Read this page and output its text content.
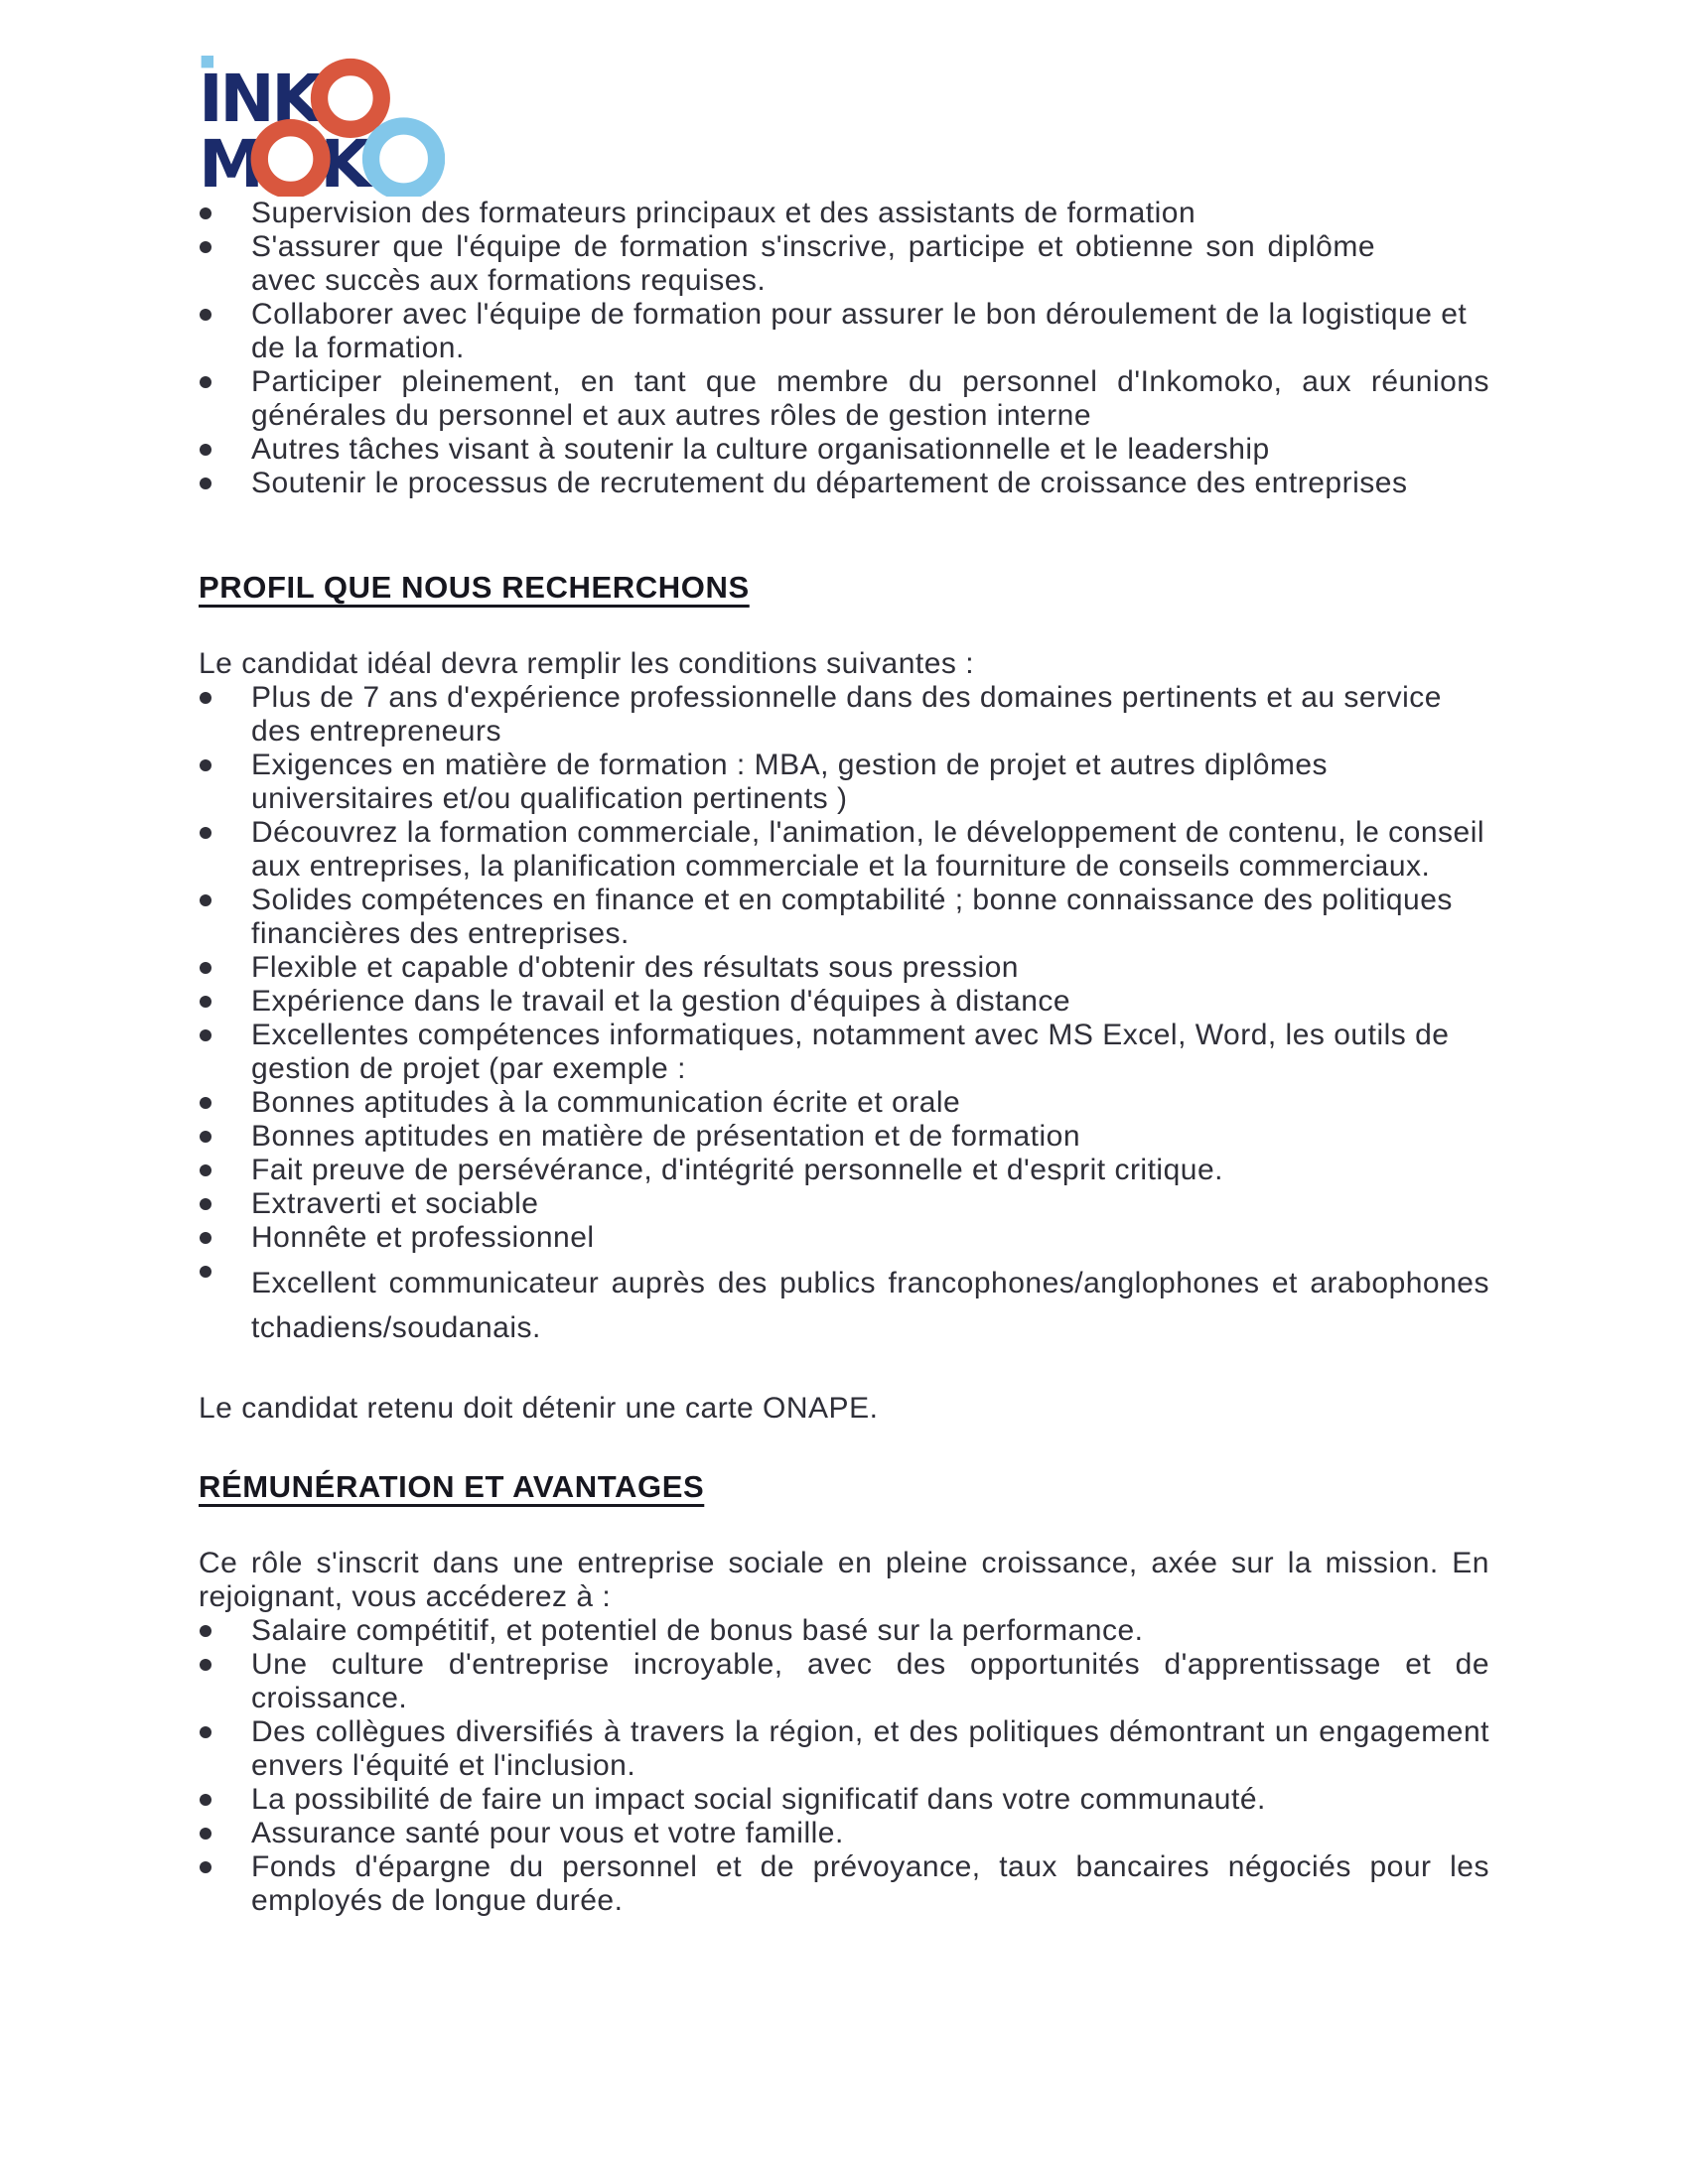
INK
M K
Supervision des formateurs principaux et des assistants de formation
S'assurer que l'équipe de formation s'inscrive, participe et obtienne son diplôme avec succès aux formations requises.
Collaborer avec l'équipe de formation pour assurer le bon déroulement de la logistique et de la formation.
Participer pleinement, en tant que membre du personnel d'Inkomoko, aux réunions générales du personnel et aux autres rôles de gestion interne
Autres tâches visant à soutenir la culture organisationnelle et le leadership
Soutenir le processus de recrutement du département de croissance des entreprises
PROFIL QUE NOUS RECHERCHONS

Le candidat idéal devra remplir les conditions suivantes :

Plus de 7 ans d'expérience professionnelle dans des domaines pertinents et au service des entrepreneurs
Exigences en matière de formation : MBA, gestion de projet et autres diplômes universitaires et/ou qualification pertinents )
Découvrez la formation commerciale, l'animation, le développement de contenu, le conseil aux entreprises, la planification commerciale et la fourniture de conseils commerciaux.
Solides compétences en finance et en comptabilité ; bonne connaissance des politiques financières des entreprises.
Flexible et capable d'obtenir des résultats sous pression
Expérience dans le travail et la gestion d'équipes à distance
Excellentes compétences informatiques, notamment avec MS Excel, Word, les outils de gestion de projet (par exemple :
Bonnes aptitudes à la communication écrite et orale
Bonnes aptitudes en matière de présentation et de formation
Fait preuve de persévérance, d'intégrité personnelle et d'esprit critique.
Extraverti et sociable
Honnête et professionnel
Excellent communicateur auprès des publics francophones/anglophones et arabophones tchadiens/soudanais.

Le candidat retenu doit détenir une carte ONAPE.

RÉMUNÉRATION ET AVANTAGES

Ce rôle s'inscrit dans une entreprise sociale en pleine croissance, axée sur la mission. En rejoignant, vous accéderez à :

Salaire compétitif, et potentiel de bonus basé sur la performance.
Une culture d'entreprise incroyable, avec des opportunités d'apprentissage et de croissance.
Des collègues diversifiés à travers la région, et des politiques démontrant un engagement envers l'équité et l'inclusion.
La possibilité de faire un impact social significatif dans votre communauté.
Assurance santé pour vous et votre famille.
Fonds d'épargne du personnel et de prévoyance, taux bancaires négociés pour les employés de longue durée.
